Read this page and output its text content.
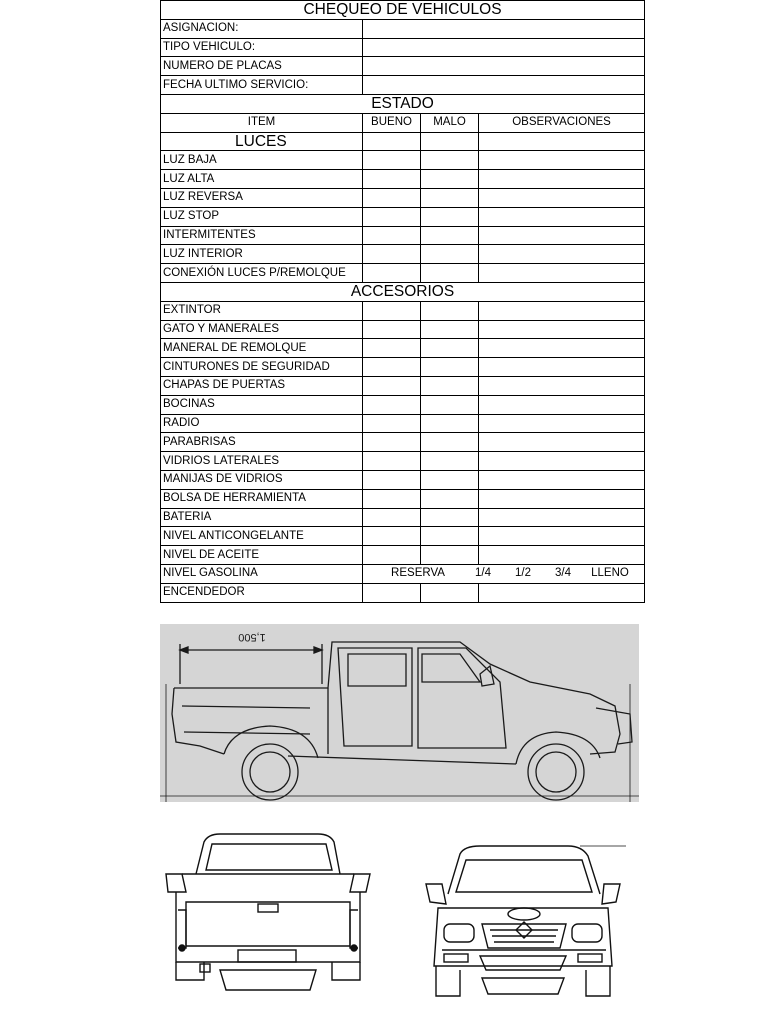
CHEQUEO DE VEHICULOS			
ASIGNACION:			
TIPO VEHICULO:			
NUMERO DE PLACAS			
FECHA ULTIMO SERVICIO:			
ESTADO			
ITEM	BUENO	MALO	OBSERVACIONES
LUCES			
LUZ BAJA			
LUZ ALTA			
LUZ REVERSA			
LUZ STOP			
INTERMITENTES			
LUZ INTERIOR			
CONEXIÓN LUCES P/REMOLQUE			
ACCESORIOS			
EXTINTOR			
GATO Y MANERALES			
MANERAL DE REMOLQUE			
CINTURONES DE SEGURIDAD			
CHAPAS DE PUERTAS			
BOCINAS			
RADIO			
PARABRISAS			
VIDRIOS LATERALES			
MANIJAS DE VIDRIOS			
BOLSA DE HERRAMIENTA			
BATERIA			
NIVEL ANTICONGELANTE			
NIVEL DE ACEITE			
NIVEL GASOLINA	RESERVA 1/4 1/2 3/4 LLENO		
ENCENDEDOR			
1,500
